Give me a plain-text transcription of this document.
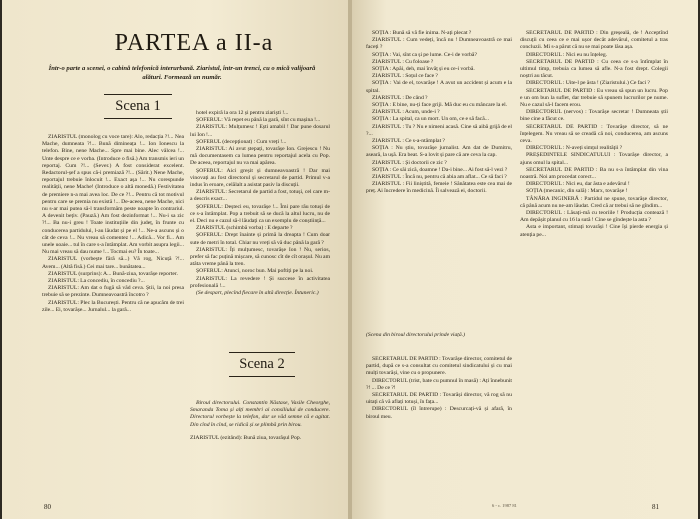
PARTEA a II-a
Într-o parte a scenei, o cabină telefonică interurbană. Ziaristul, într-un trenci, cu o mică valijoară alături. Formează un număr.
Scena 1

ZIARISTUL (monolog cu voce tare): Alo, redacția ?!... Nea Mache, dumneata ?!... Bună dimineața !... Ion Ionescu la telefon. Bine, nene Mache... Spre mai bine. Alec vâlcea !... Unte despre ce e vorba. (Introduce o fisă.) Am transmis ieri un reportaj. Cum ?!... (Sever.) A fost considerat excelent. Redactorul-șef a spus că-i premiază ?!... (Sărit.) Nene Mache, reportajul trebuie înlocuit !... Exact așa !... Nu corespunde realității, nene Mache! (Introduce o altă monedă.) Festivitatea de premiere n-a mai avea loc. De ce ?!... Pentru că tot motivul pentru care se premia nu există !... De-aceea, nene Mache, nici nu s-ar mai putea să-l transformăm peste noapte în contrariul. A devenit bețiv. (Pauză.) Am fost dezinformat !... Nu-i sa zic ?!... Ba nu-i greu ! Toate instituțiile din județ, în frunte cu conducerea partidului, l-au lăudat și pe el !... Ne-a ascuns și o cât de ceva !... Nu vreau să comentez !... Adică... Vor fi... Am unele uoaie... tul în care s-a întâmplat. Am vorbit asupra legii... Nu mai vreau să dau nume !... Tocmai eu? În toate...

ZIARISTUL (vorbește fără să...) Vă rog, Nicuță ?!... Avem... (Altă fisă.) Cei mai tare... bunătatea...

ZIARISTUL (surprins): A... Bună-ziua, tovarășe reporter.

ZIARISTUL: La concediu, în concediu ?...

ZIARISTUL: Am dat o fugă să văd ceva. Știi, la noi presa trebuie să se prezinte. Dumneavoastră încotro ?

ZIARISTUL: Plec la București. Pentru că ne apucăm de trei zile... Ei, tovarășe... Jurnalul... la gară...

hotel expiră la ora 12 și pentru ziariști !...

ȘOFERUL: Vă repet eu până la gară, sînt cu mașina !...

ZIARISTUL: Mulțumesc ! Ești amabil ! Dar pune dosarul lui Ion !...

ȘOFERUL (decepționat) : Cum vreți !...

ZIARISTUL: Ai avut ștepați, tovarășe Ion. Grejescu ! Nu mă documentasem ca lumea pentru reportajul acela cu Pop. De aceea, reportajul nu va mai apărea.

ȘOFERUL: Aici greșit și dumneavoastră ! Dar mai vinovați au fost directorul și secretarul de partid. Primul v-a indus în eroare, celălalt a asistat pasiv la discuții.

ZIARISTUL: Secretarul de partid a fost, totuși, cel care m-a descris exact...

ȘOFERUL: Deșteci eu, tovarășe !... Îmi pare rău totuși de ce s-a întâmplat. Pop a trebuit să se ducă la altul lucru, nu de el. Deci nu e cazul să-l lăudați ca un exemplu de conștiință...

ZIARISTUL (schimbă vorba) : E departe ?

ȘOFERUL: Drept înainte și primă la dreapta ! Cum doar sute de metri în total. Chiar nu vreți să vă duc până la gară ?

ZIARISTUL: Îți mulțumesc, tovarășe Ion ! Nu, serios, prefer să fac puțină mișcare, să cunosc cît de cît orașul. Nu am atâta vreme până la tren.

ȘOFERUL: Atunci, noroc bun. Mai poftiți pe la noi.

ZIARISTUL: La revedere ! Și succese în activitatea profesională !...

(Se despart, plecînd fiecare în altă direcție. Întuneric.)

Scena 2

Biroul directorului. Constantin Năstase, Vasile Cheorghe, Smaranda Toma și alți membri ai consiliului de conducere. Directorul vorbește la telefon, dar se văd semne că e agitat. Din cînd în cînd, se ridică și se plimbă prin birou.

ZIARISTUL (ezitând): Bună ziua, tovarășul Pop.

80

SOȚIA : Bună să vă fie inima. N-ați plecat ?

ZIARISTUL : Cum vedeți, încă nu ! Dumneavoastră ce mai faceți ?

SOȚIA : Vai, sînt ca și pe lume. Ce-i de vorbă?

ZIARISTUL : Cu foloase ?

SOȚIA : Apăi, deh, mai învăț și eu ce-i vorbă.

ZIARISTUL : Soțul ce face ?

SOȚIA : Vai de el, tovarășe ! A avut un accident și acum e la spital.

ZIARISTUL : De când ?

SOȚIA : E bine, nu-ți face griji. Mă duc eu cu mâncare la el.

ZIARISTUL : Acum, unde-i ?

SOȚIA : La spital, ca un mort. Un om, ce e să facă...

ZIARISTUL : Tu ? Nu e nimeni acasă. Cine să aibă grijă de el ?...

ZIARISTUL : Ce s-a-ntâmplat ?

SOȚIA : Nu știu, tovarășe jurnalist. Am dat de Dumitru, aseară, la ușă. Era beat. S-a lovit și pare că are ceva la cap.

ZIARISTUL : Și doctorii ce zic ?

SOȚIA : Ce săi zică, doamne ! Da-i bine... Ai fost să-l vezi ?

ZIARISTUL : Încă nu, pentru că abia am aflat... Ce să faci ?

ZIARISTUL : Fii liniștită, femeie ! Sănătatea este cea mai de preț. Ai încredere în medicină. Îi salvează ei, doctorii.

(Scena din biroul directorului prinde viață.)

SECRETARUL DE PARTID : Tovarășe director, comitetul de partid, după ce s-a consultat cu comitetul sindicatului și cu mai mulți tovarăși, vine cu o propunere.

DIRECTORUL (trist, bate cu pumnul în masă) : Ați înnebunit ?! ... De ce ?!

SECRETARUL DE PARTID : Tovarăși director, vă rog să nu uitați că vă aflați totuși, în fața...

DIRECTORUL (îl întrerupe) : Descurcați-vă și afară, în biroul meu.

SECRETARUL DE PARTID : Din greșeală, de ! Acceptînd discuții cu ceea ce e mai ușor decât adevărul, comitetul a tras concluzii. Mi s-a părut că nu se mai poate lăsa așa.

DIRECTORUL : Nici eu nu înțeleg.

SECRETARUL DE PARTID : Cu ceea ce s-a întîmplat în ultimul timp, trebuia ca lumea să afle. N-a fost drept. Colegii noștri au tăcut.

DIRECTORUL : Uite-l pe ăsta ! (Ziaristului.) Ce faci ?

SECRETARUL DE PARTID : Eu vreau să spun un lucru. Pop e un om bun la suflet, dar trebuie să spunem lucrurilor pe nume. Nu e cazul să-l facem erou.

DIRECTORUL (nervos) : Tovarășe secretar ! Dumneata știi bine cine a făcut ce.

SECRETARUL DE PARTID : Tovarășe director, să ne înțelegem. Nu vreau să se creadă că noi, conducerea, am ascuns ceva.

DIRECTORUL : N-aveți simțul realității ?

PREȘEDINTELE SINDICATULUI : Tovarășe director, a ajuns omul la spital...

SECRETARUL DE PARTID : Ba nu s-a întâmplat din vina noastră. Noi am procedat corect...

DIRECTORUL : Nici eu, dar ăsta e adevărul !

SOȚIA (mecanic, din sală) : Marx, tovarășe !

TÂNĂRA INGINERĂ : Partidul ne spune, tovarășe director, că până acum nu ne-am lăudat. Cred că ar trebui să ne gîndim...

DIRECTORUL : Lăsați-mă cu teoriile ! Producția contează ! Am depășit planul cu 16 la sută ! Cine se gîndește la asta ?

Asta e important, stimați tovarăși ! Cine își pierde energia și atenția pe...

6 - c. 1987 81	81
